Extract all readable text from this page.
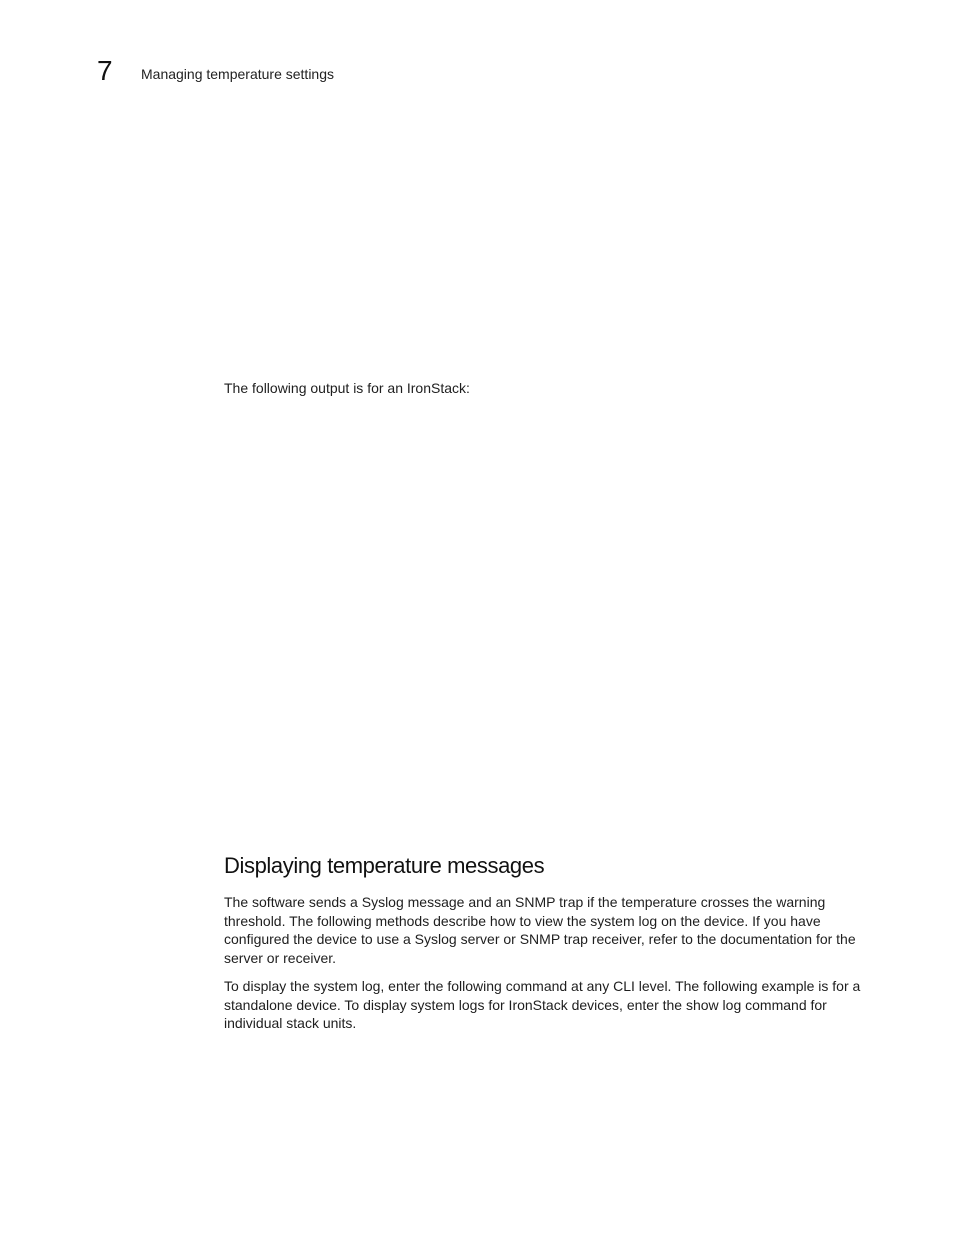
7 Managing temperature settings

The following output is for an IronStack:

Displaying temperature messages

The software sends a Syslog message and an SNMP trap if the temperature crosses the warning threshold. The following methods describe how to view the system log on the device. If you have configured the device to use a Syslog server or SNMP trap receiver, refer to the documentation for the server or receiver.

To display the system log, enter the following command at any CLI level. The following example is for a standalone device. To display system logs for IronStack devices, enter the show log command for individual stack units.
